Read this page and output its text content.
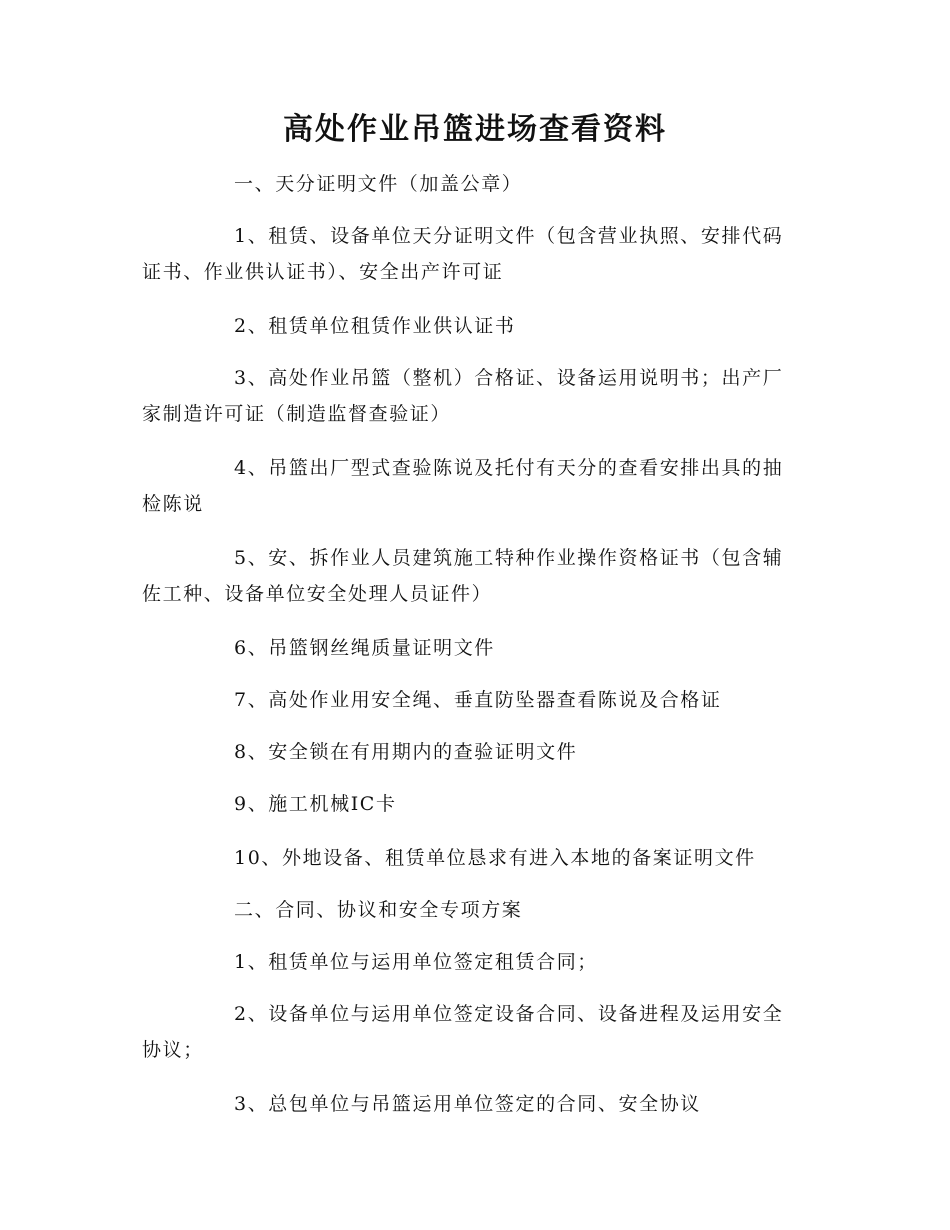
高处作业吊篮进场查看资料
一、天分证明文件（加盖公章）
1、租赁、设备单位天分证明文件（包含营业执照、安排代码证书、作业供认证书）、安全出产许可证
2、租赁单位租赁作业供认证书
3、高处作业吊篮（整机）合格证、设备运用说明书；出产厂家制造许可证（制造监督查验证）
4、吊篮出厂型式查验陈说及托付有天分的查看安排出具的抽检陈说
5、安、拆作业人员建筑施工特种作业操作资格证书（包含辅佐工种、设备单位安全处理人员证件）
6、吊篮钢丝绳质量证明文件
7、高处作业用安全绳、垂直防坠器查看陈说及合格证
8、安全锁在有用期内的查验证明文件
9、施工机械IC卡
10、外地设备、租赁单位恳求有进入本地的备案证明文件
二、合同、协议和安全专项方案
1、租赁单位与运用单位签定租赁合同；
2、设备单位与运用单位签定设备合同、设备进程及运用安全协议；
3、总包单位与吊篮运用单位签定的合同、安全协议
